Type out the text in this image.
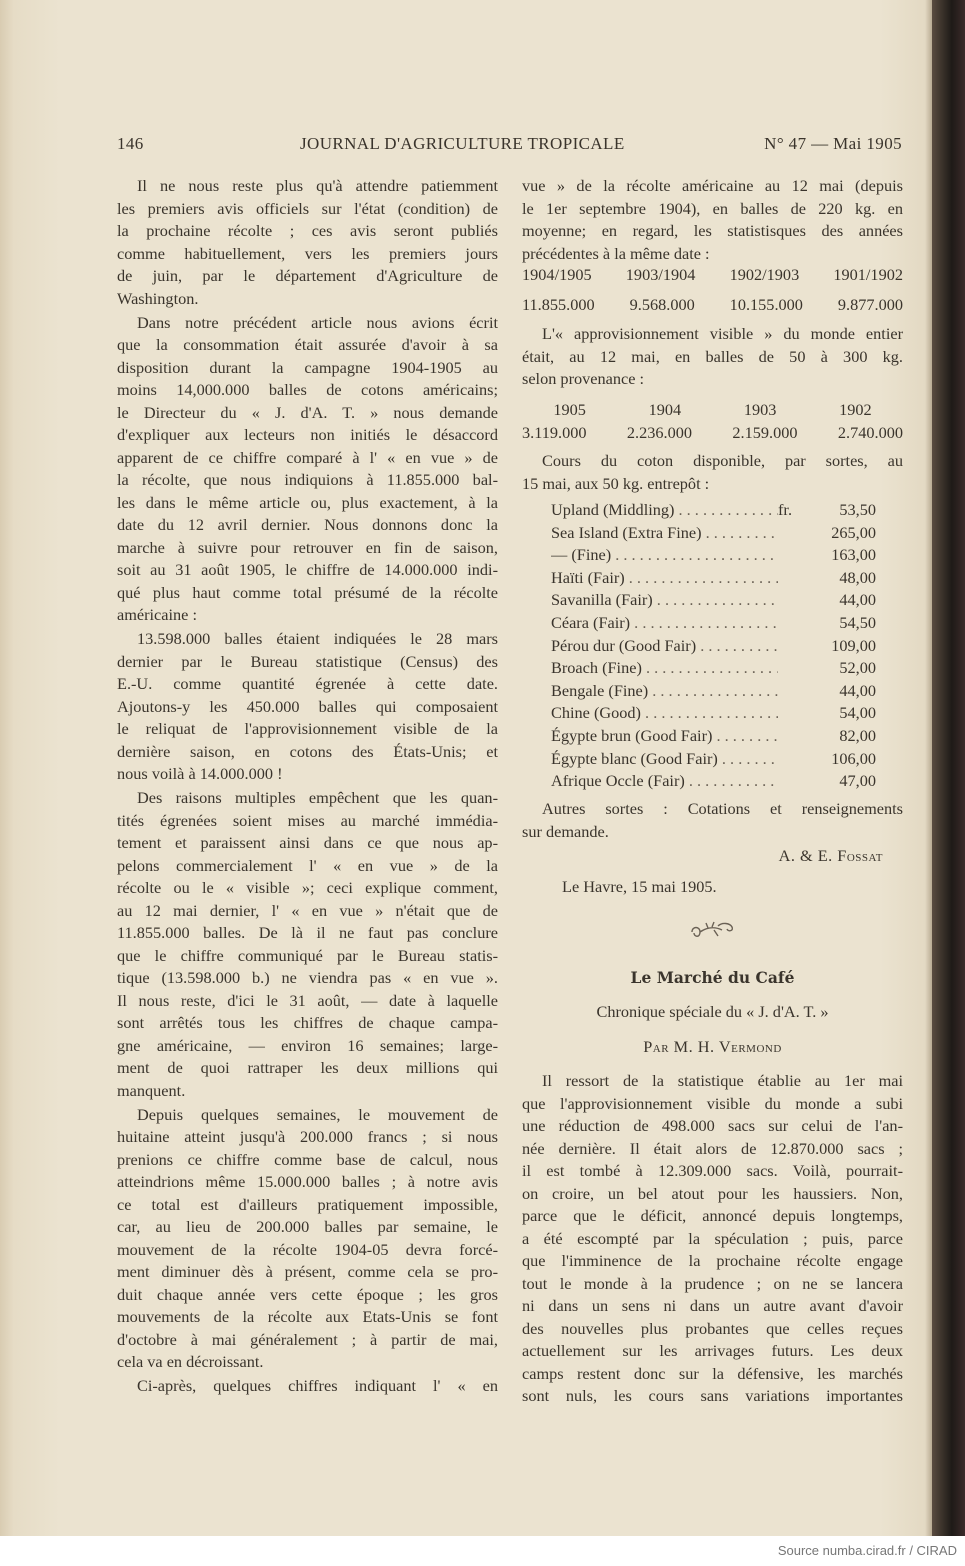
146	JOURNAL D'AGRICULTURE TROPICALE	N° 47 — Mai 1905
Il ne nous reste plus qu'à attendre patiemment
les premiers avis officiels sur l'état (condition) de
la prochaine récolte ; ces avis seront publiés
comme habituellement, vers les premiers jours
de juin, par le département d'Agriculture de
Washington.
Dans notre précédent article nous avions écrit
que la consommation était assurée d'avoir à sa
disposition durant la campagne 1904-1905 au
moins 14,000.000 balles de cotons américains;
le Directeur du « J. d'A. T. » nous demande
d'expliquer aux lecteurs non initiés le désaccord
apparent de ce chiffre comparé à l' « en vue » de
la récolte, que nous indiquions à 11.855.000 bal-
les dans le même article ou, plus exactement, à la
date du 12 avril dernier. Nous donnons donc la
marche à suivre pour retrouver en fin de saison,
soit au 31 août 1905, le chiffre de 14.000.000 indi-
qué plus haut comme total présumé de la récolte
américaine :
13.598.000 balles étaient indiquées le 28 mars
dernier par le Bureau statistique (Census) des
E.-U. comme quantité égrenée à cette date.
Ajoutons-y les 450.000 balles qui composaient
le reliquat de l'approvisionnement visible de la
dernière saison, en cotons des États-Unis; et
nous voilà à 14.000.000 !
Des raisons multiples empêchent que les quan-
tités égrenées soient mises au marché immédia-
tement et paraissent ainsi dans ce que nous ap-
pelons commercialement l' « en vue » de la
récolte ou le « visible »; ceci explique comment,
au 12 mai dernier, l' « en vue » n'était que de
11.855.000 balles. De là il ne faut pas conclure
que le chiffre communiqué par le Bureau statis-
tique (13.598.000 b.) ne viendra pas « en vue ».
Il nous reste, d'ici le 31 août, — date à laquelle
sont arrêtés tous les chiffres de chaque campa-
gne américaine, — environ 16 semaines; large-
ment de quoi rattraper les deux millions qui
manquent.
Depuis quelques semaines, le mouvement de
huitaine atteint jusqu'à 200.000 francs ; si nous
prenions ce chiffre comme base de calcul, nous
atteindrions même 15.000.000 balles ; à notre avis
ce total est d'ailleurs pratiquement impossible,
car, au lieu de 200.000 balles par semaine, le
mouvement de la récolte 1904-05 devra forcé-
ment diminuer dès à présent, comme cela se pro-
duit chaque année vers cette époque ; les gros
mouvements de la récolte aux Etats-Unis se font
d'octobre à mai généralement ; à partir de mai,
cela va en décroissant.
Ci-après, quelques chiffres indiquant l' « en
vue » de la récolte américaine au 12 mai (depuis
le 1er septembre 1904), en balles de 220 kg. en
moyenne; en regard, les statistisques des années
précédentes à la même date :
1904/1905 1903/1904 1902/1903 1901/1902
11.855.000 9.568.000 10.155.000 9.877.000
L'« approvisionnement visible » du monde entier
était, au 12 mai, en balles de 50 à 300 kg.
selon provenance :
1905	1904	1903	1902
3.119.000 2.236.000 2.159.000 2.740.000
Cours du coton disponible, par sortes, au
15 mai, aux 50 kg. entrepôt :
Upland (Middling) . . .	fr.	53,50
Sea Island (Extra Fine) . . .	265,00
— (Fine) . . .	163,00
Haïti (Fair) . . .	48,00
Savanilla (Fair) . . .	44,00
Céara (Fair) . . .	54,50
Pérou dur (Good Fair) . . .	109,00
Broach (Fine) . . .	52,00
Bengale (Fine) . . .	44,00
Chine (Good) . . .	54,00
Égypte brun (Good Fair) . . .	82,00
Égypte blanc (Good Fair) . . .	106,00
Afrique Occle (Fair) . . .	47,00
Autres sortes : Cotations et renseignements
sur demande.
A. & E. Fossat
Le Havre, 15 mai 1905.
Le Marché du Café
Chronique spéciale du « J. d'A. T. »
Par M. H. Vermond
Il ressort de la statistique établie au 1er mai
que l'approvisionnement visible du monde a subi
une réduction de 498.000 sacs sur celui de l'an-
née dernière. Il était alors de 12.870.000 sacs ;
il est tombé à 12.309.000 sacs. Voilà, pourrait-
on croire, un bel atout pour les haussiers. Non,
parce que le déficit, annoncé depuis longtemps,
a été escompté par la spéculation ; puis, parce
que l'imminence de la prochaine récolte engage
tout le monde à la prudence ; on ne se lancera
ni dans un sens ni dans un autre avant d'avoir
des nouvelles plus probantes que celles reçues
actuellement sur les arrivages futurs. Les deux
camps restent donc sur la défensive, les marchés
sont nuls, les cours sans variations importantes
Source numba.cirad.fr / CIRAD
